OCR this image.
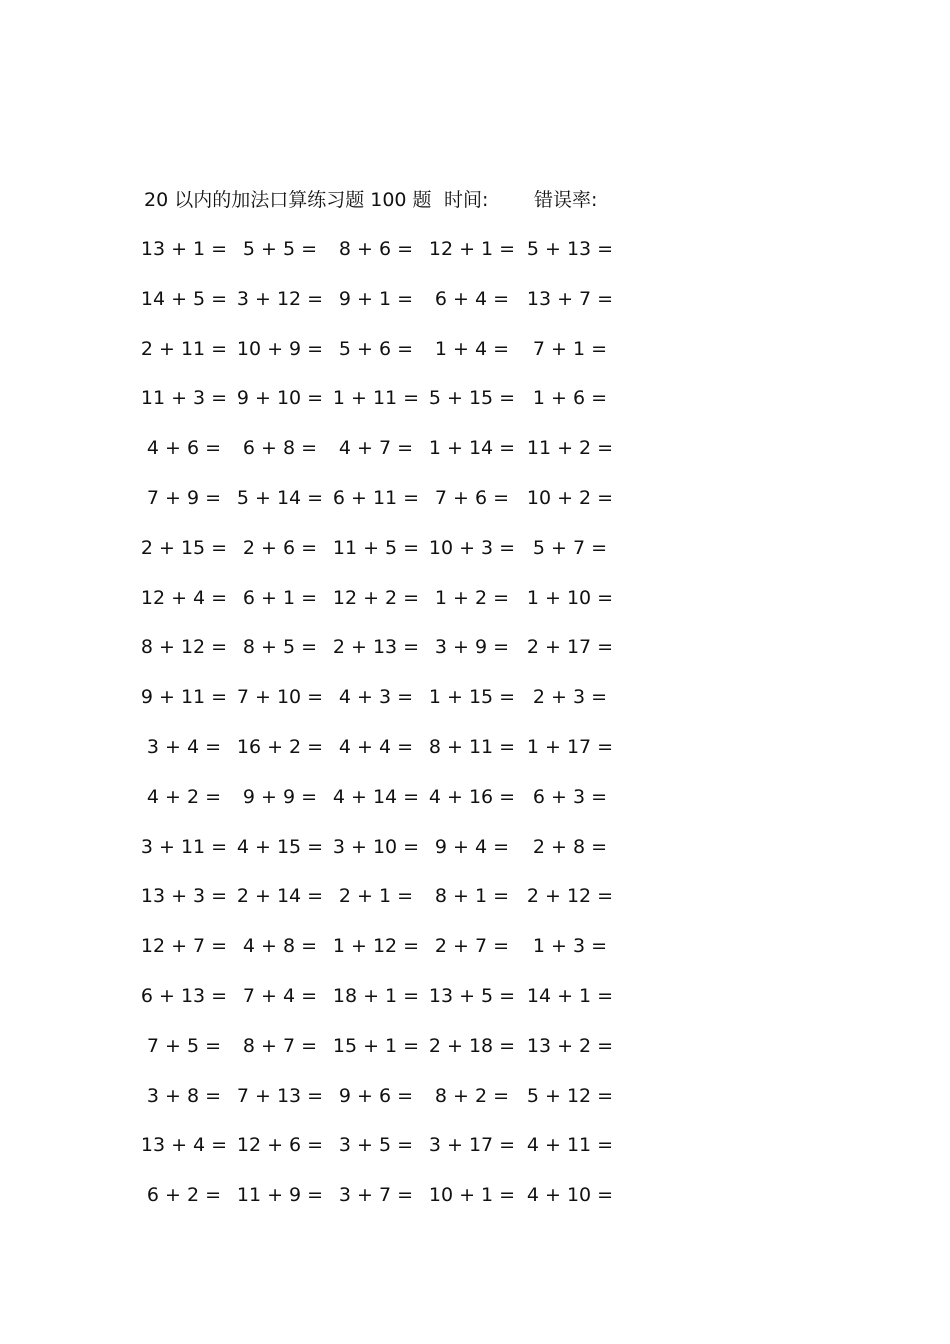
20 以内的加法口算练习题 100 题 时间: 错误率:
13 + 1 = 5 + 5 = 8 + 6 = 12 + 1 = 5 + 13 =
14 + 5 = 3 + 12 = 9 + 1 = 6 + 4 = 13 + 7 =
2 + 11 = 10 + 9 = 5 + 6 = 1 + 4 = 7 + 1 =
11 + 3 = 9 + 10 = 1 + 11 = 5 + 15 = 1 + 6 =
4 + 6 = 6 + 8 = 4 + 7 = 1 + 14 = 11 + 2 =
7 + 9 = 5 + 14 = 6 + 11 = 7 + 6 = 10 + 2 =
2 + 15 = 2 + 6 = 11 + 5 = 10 + 3 = 5 + 7 =
12 + 4 = 6 + 1 = 12 + 2 = 1 + 2 = 1 + 10 =
8 + 12 = 8 + 5 = 2 + 13 = 3 + 9 = 2 + 17 =
9 + 11 = 7 + 10 = 4 + 3 = 1 + 15 = 2 + 3 =
3 + 4 = 16 + 2 = 4 + 4 = 8 + 11 = 1 + 17 =
4 + 2 = 9 + 9 = 4 + 14 = 4 + 16 = 6 + 3 =
3 + 11 = 4 + 15 = 3 + 10 = 9 + 4 = 2 + 8 =
13 + 3 = 2 + 14 = 2 + 1 = 8 + 1 = 2 + 12 =
12 + 7 = 4 + 8 = 1 + 12 = 2 + 7 = 1 + 3 =
6 + 13 = 7 + 4 = 18 + 1 = 13 + 5 = 14 + 1 =
7 + 5 = 8 + 7 = 15 + 1 = 2 + 18 = 13 + 2 =
3 + 8 = 7 + 13 = 9 + 6 = 8 + 2 = 5 + 12 =
13 + 4 = 12 + 6 = 3 + 5 = 3 + 17 = 4 + 11 =
6 + 2 = 11 + 9 = 3 + 7 = 10 + 1 = 4 + 10 =
